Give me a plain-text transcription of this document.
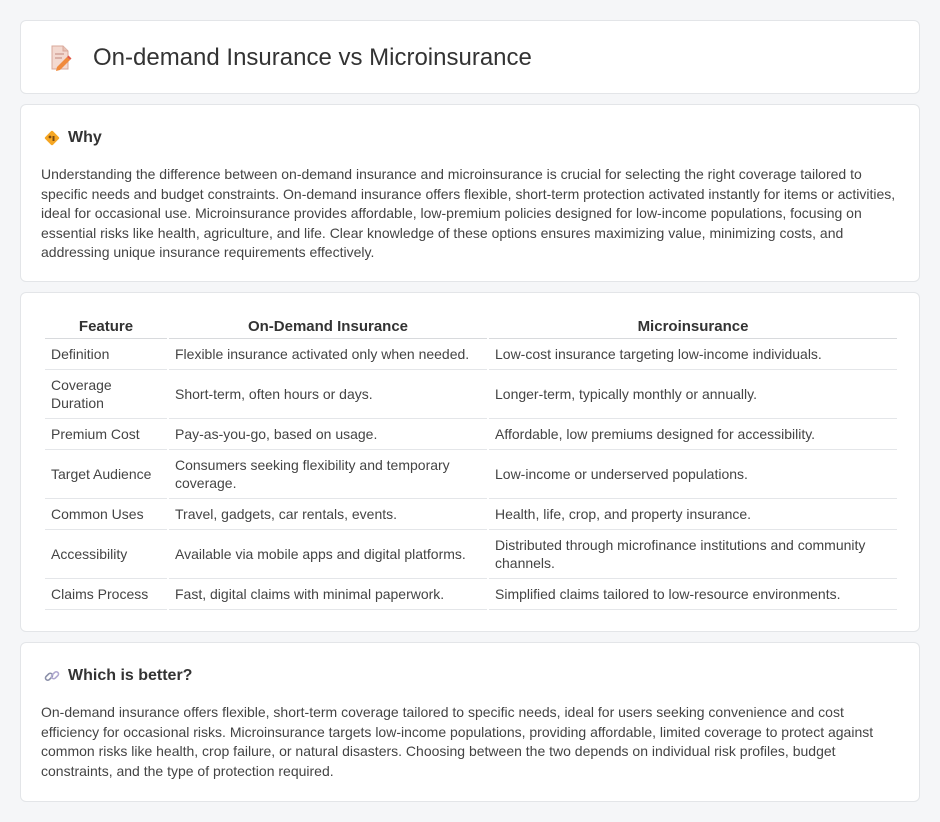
On-demand Insurance vs Microinsurance
Why

Understanding the difference between on-demand insurance and microinsurance is crucial for selecting the right coverage tailored to specific needs and budget constraints. On-demand insurance offers flexible, short-term protection activated instantly for items or activities, ideal for occasional use. Microinsurance provides affordable, low-premium policies designed for low-income populations, focusing on essential risks like health, agriculture, and life. Clear knowledge of these options ensures maximizing value, minimizing costs, and addressing unique insurance requirements effectively.

Feature	On-Demand Insurance	Microinsurance
Definition	Flexible insurance activated only when needed.	Low-cost insurance targeting low-income individuals.
Coverage Duration	Short-term, often hours or days.	Longer-term, typically monthly or annually.
Premium Cost	Pay-as-you-go, based on usage.	Affordable, low premiums designed for accessibility.
Target Audience	Consumers seeking flexibility and temporary coverage.	Low-income or underserved populations.
Common Uses	Travel, gadgets, car rentals, events.	Health, life, crop, and property insurance.
Accessibility	Available via mobile apps and digital platforms.	Distributed through microfinance institutions and community channels.
Claims Process	Fast, digital claims with minimal paperwork.	Simplified claims tailored to low-resource environments.
Which is better?

On-demand insurance offers flexible, short-term coverage tailored to specific needs, ideal for users seeking convenience and cost efficiency for occasional risks. Microinsurance targets low-income populations, providing affordable, limited coverage to protect against common risks like health, crop failure, or natural disasters. Choosing between the two depends on individual risk profiles, budget constraints, and the type of protection required.
